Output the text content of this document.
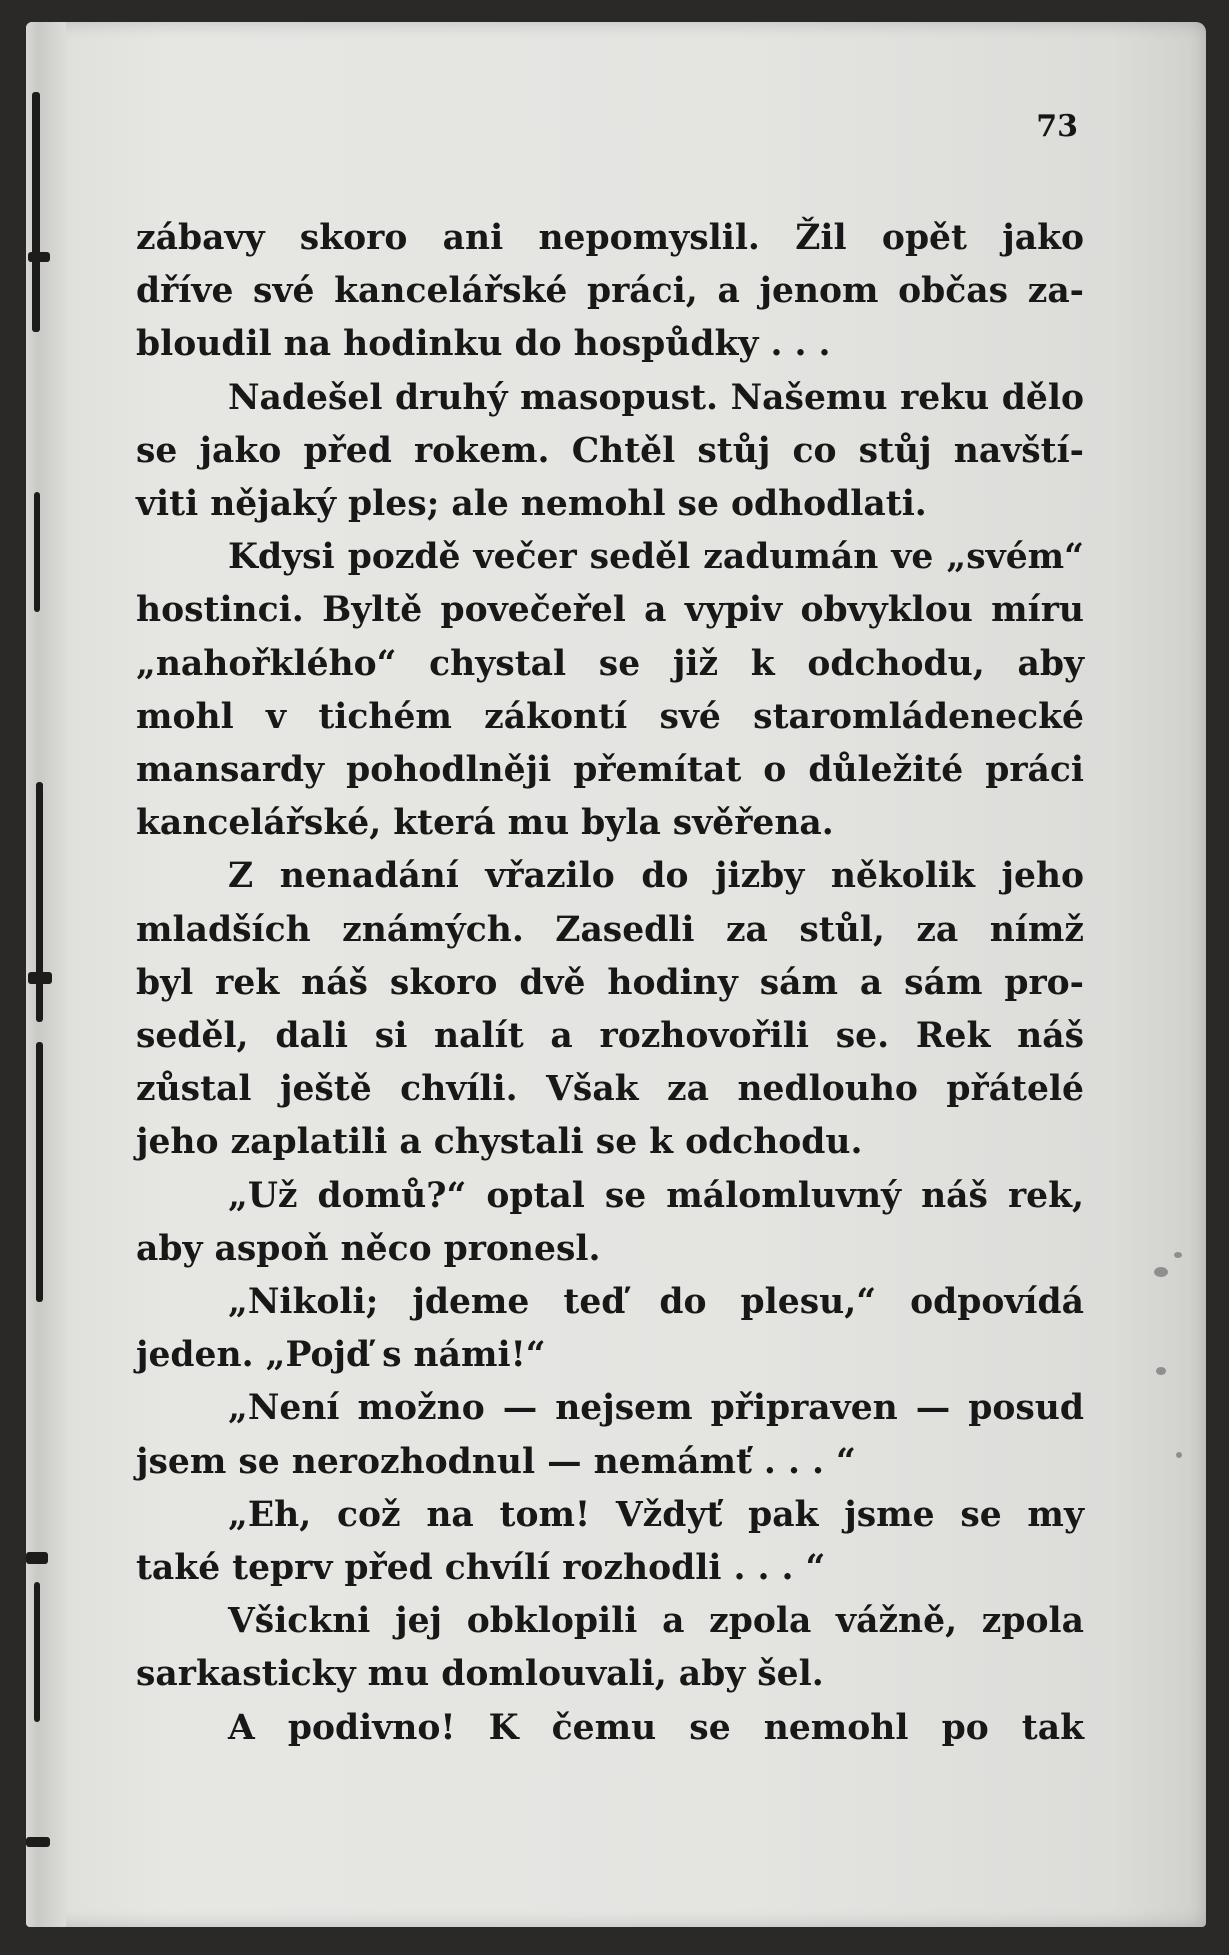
73
zábavy skoro ani nepomyslil. Žil opět jako
dříve své kancelářské práci, a jenom občas za-
bloudil na hodinku do hospůdky . . .
Nadešel druhý masopust. Našemu reku dělo
se jako před rokem. Chtěl stůj co stůj navští-
viti nějaký ples; ale nemohl se odhodlati.
Kdysi pozdě večer seděl zadumán ve „svém“
hostinci. Byltě povečeřel a vypiv obvyklou míru
„nahořklého“ chystal se již k odchodu, aby
mohl v tichém zákontí své staromládenecké
mansardy pohodlněji přemítat o důležité práci
kancelářské, která mu byla svěřena.
Z nenadání vřazilo do jizby několik jeho
mladších známých. Zasedli za stůl, za nímž
byl rek náš skoro dvě hodiny sám a sám pro-
seděl, dali si nalít a rozhovořili se. Rek náš
zůstal ještě chvíli. Však za nedlouho přátelé
jeho zaplatili a chystali se k odchodu.
„Už domů?“ optal se málomluvný náš rek,
aby aspoň něco pronesl.
„Nikoli; jdeme teď do plesu,“ odpovídá
jeden. „Pojď s námi!“
„Není možno — nejsem připraven — posud
jsem se nerozhodnul — nemámť . . . “
„Eh, což na tom! Vždyť pak jsme se my
také teprv před chvílí rozhodli . . . “
Všickni jej obklopili a zpola vážně, zpola
sarkasticky mu domlouvali, aby šel.
A podivno! K čemu se nemohl po tak
